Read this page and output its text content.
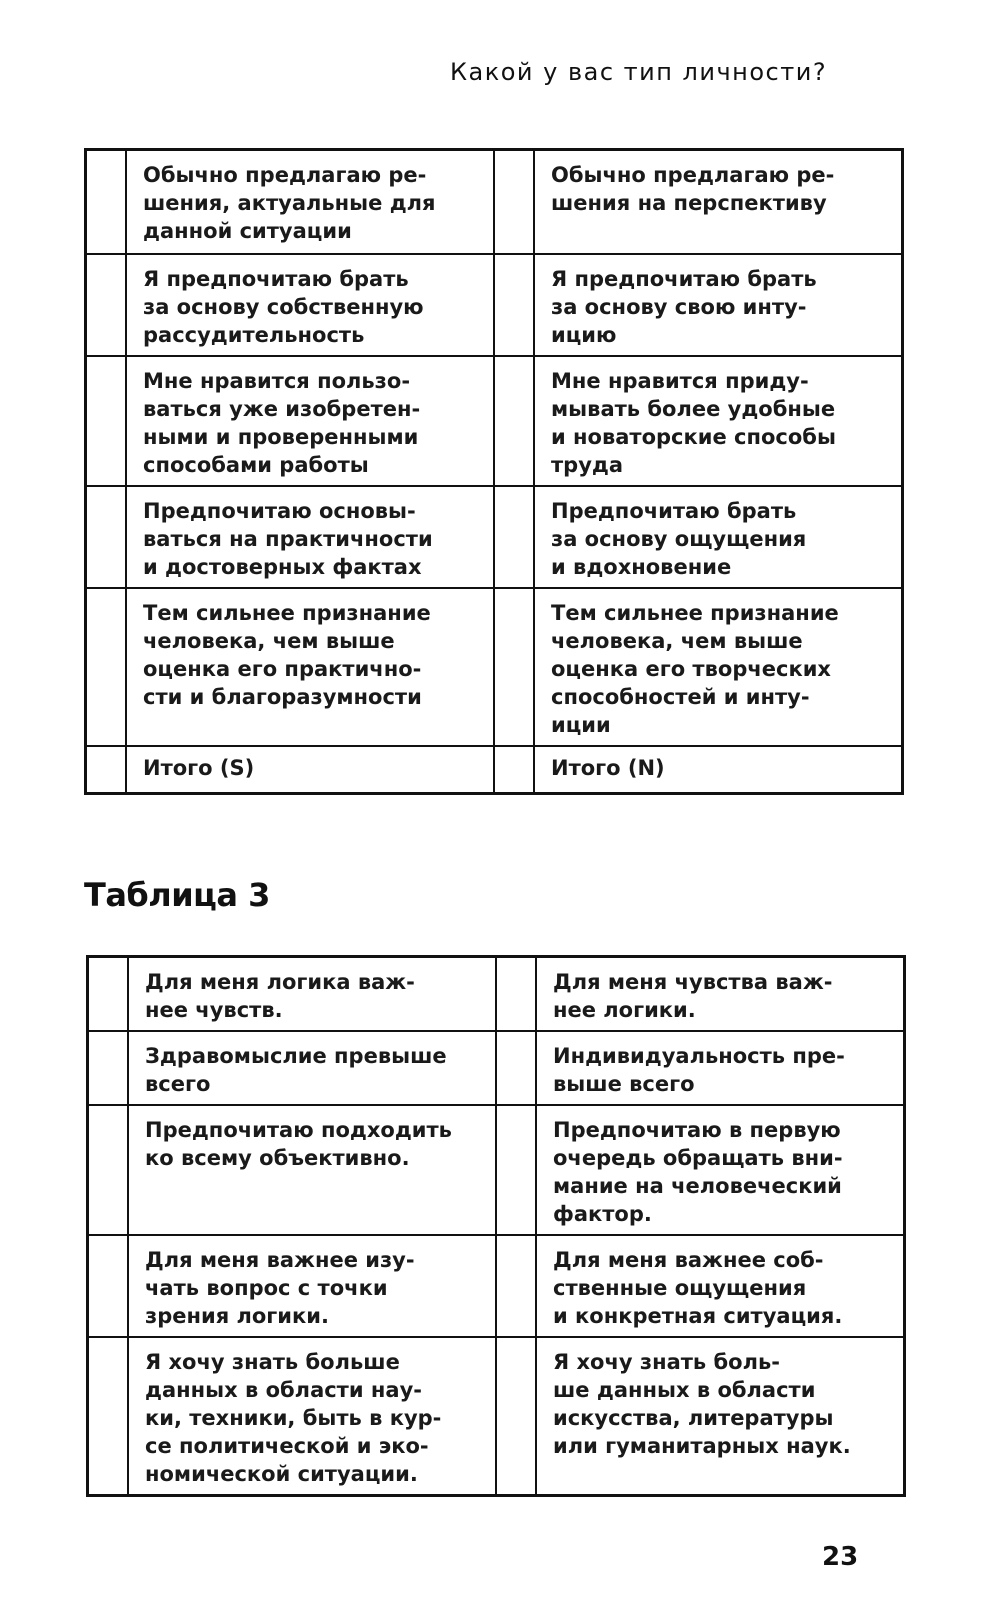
Какой у вас тип личности?

	Обычно предлагаю ре-
шения, актуальные для
данной ситуации		Обычно предлагаю ре-
шения на перспективу

	Я предпочитаю брать
за основу собственную
рассудительность		Я предпочитаю брать
за основу свою инту-
ицию

	Мне нравится пользо-
ваться уже изобретен-
ными и проверенными
способами работы		Мне нравится приду-
мывать более удобные
и новаторские способы
труда

	Предпочитаю основы-
ваться на практичности
и достоверных фактах		Предпочитаю брать
за основу ощущения
и вдохновение

	Тем сильнее признание
человека, чем выше
оценка его практично-
сти и благоразумности		Тем сильнее признание
человека, чем выше
оценка его творческих
способностей и инту-
иции

	Итого (S)		Итого (N)
Таблица 3

	Для меня логика важ-
нее чувств.		Для меня чувства важ-
нее логики.

	Здравомыслие превыше
всего		Индивидуальность пре-
выше всего

	Предпочитаю подходить
ко всему объективно.		Предпочитаю в первую
очередь обращать вни-
мание на человеческий
фактор.

	Для меня важнее изу-
чать вопрос с точки
зрения логики.		Для меня важнее соб-
ственные ощущения
и конкретная ситуация.

	Я хочу знать больше
данных в области нау-
ки, техники, быть в кур-
се политической и эко-
номической ситуации.		Я хочу знать боль-
ше данных в области
искусства, литературы
или гуманитарных наук.
23
